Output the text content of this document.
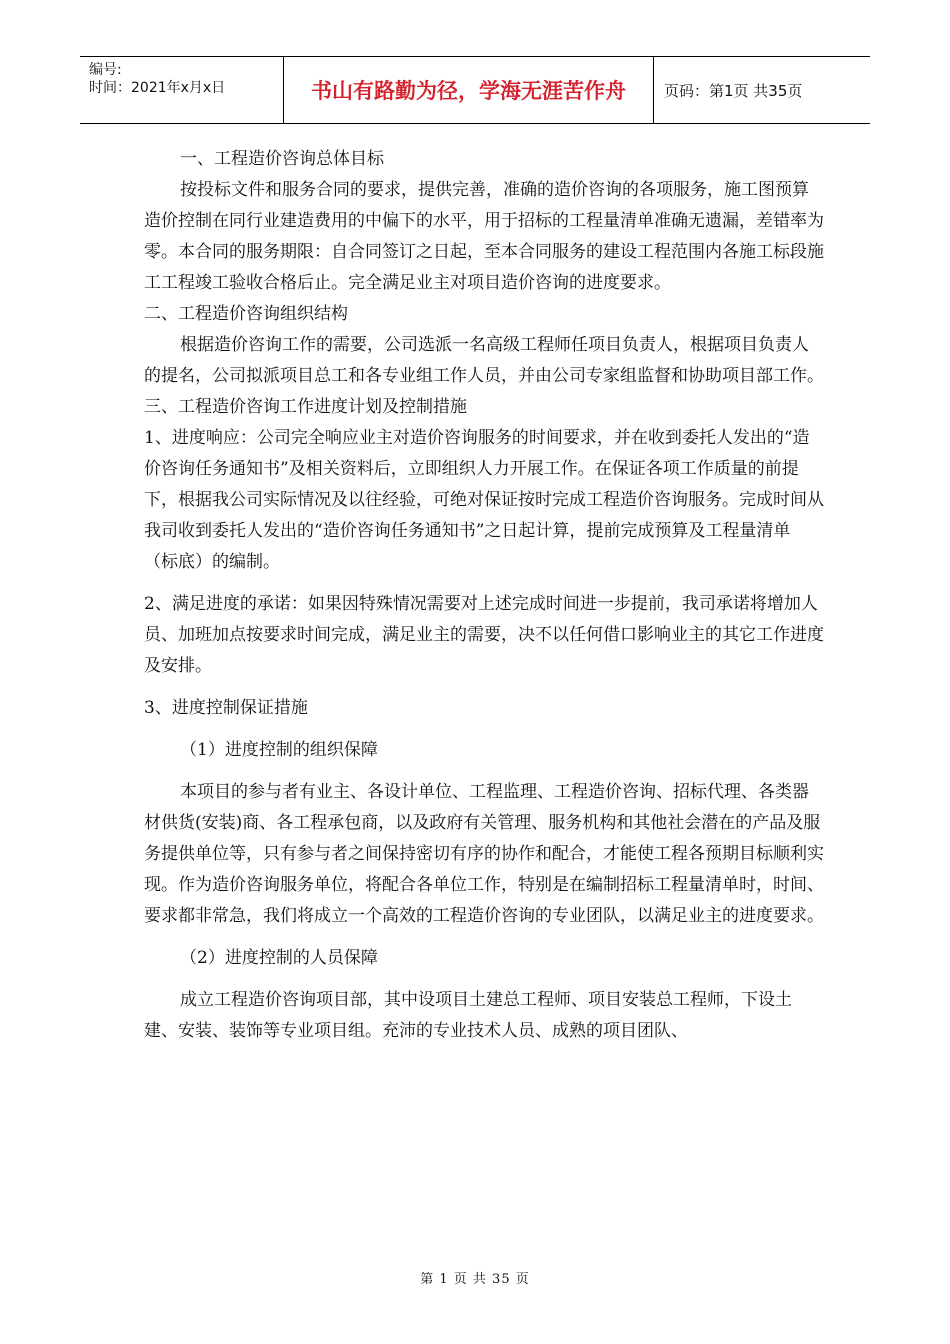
编号:
时间：2021年x月x日	书山有路勤为径，学海无涯苦作舟	页码：第1页 共35页

一、工程造价咨询总体目标

按投标文件和服务合同的要求，提供完善，准确的造价咨询的各项服务，施工图预算造价控制在同行业建造费用的中偏下的水平，用于招标的工程量清单准确无遗漏，差错率为零。本合同的服务期限：自合同签订之日起，至本合同服务的建设工程范围内各施工标段施工工程竣工验收合格后止。完全满足业主对项目造价咨询的进度要求。

二、工程造价咨询组织结构

根据造价咨询工作的需要，公司选派一名高级工程师任项目负责人，根据项目负责人的提名，公司拟派项目总工和各专业组工作人员，并由公司专家组监督和协助项目部工作。

三、工程造价咨询工作进度计划及控制措施

1、进度响应：公司完全响应业主对造价咨询服务的时间要求，并在收到委托人发出的“造价咨询任务通知书”及相关资料后，立即组织人力开展工作。在保证各项工作质量的前提下，根据我公司实际情况及以往经验，可绝对保证按时完成工程造价咨询服务。完成时间从我司收到委托人发出的“造价咨询任务通知书”之日起计算，提前完成预算及工程量清单（标底）的编制。

2、满足进度的承诺：如果因特殊情况需要对上述完成时间进一步提前，我司承诺将增加人员、加班加点按要求时间完成，满足业主的需要，决不以任何借口影响业主的其它工作进度及安排。

3、进度控制保证措施

（1）进度控制的组织保障

本项目的参与者有业主、各设计单位、工程监理、工程造价咨询、招标代理、各类器材供货(安装)商、各工程承包商，以及政府有关管理、服务机构和其他社会潜在的产品及服务提供单位等，只有参与者之间保持密切有序的协作和配合，才能使工程各预期目标顺利实现。作为造价咨询服务单位，将配合各单位工作，特别是在编制招标工程量清单时，时间、要求都非常急，我们将成立一个高效的工程造价咨询的专业团队，以满足业主的进度要求。

（2）进度控制的人员保障

成立工程造价咨询项目部，其中设项目土建总工程师、项目安装总工程师，下设土建、安装、装饰等专业项目组。充沛的专业技术人员、成熟的项目团队、

第 1 页 共 35 页
